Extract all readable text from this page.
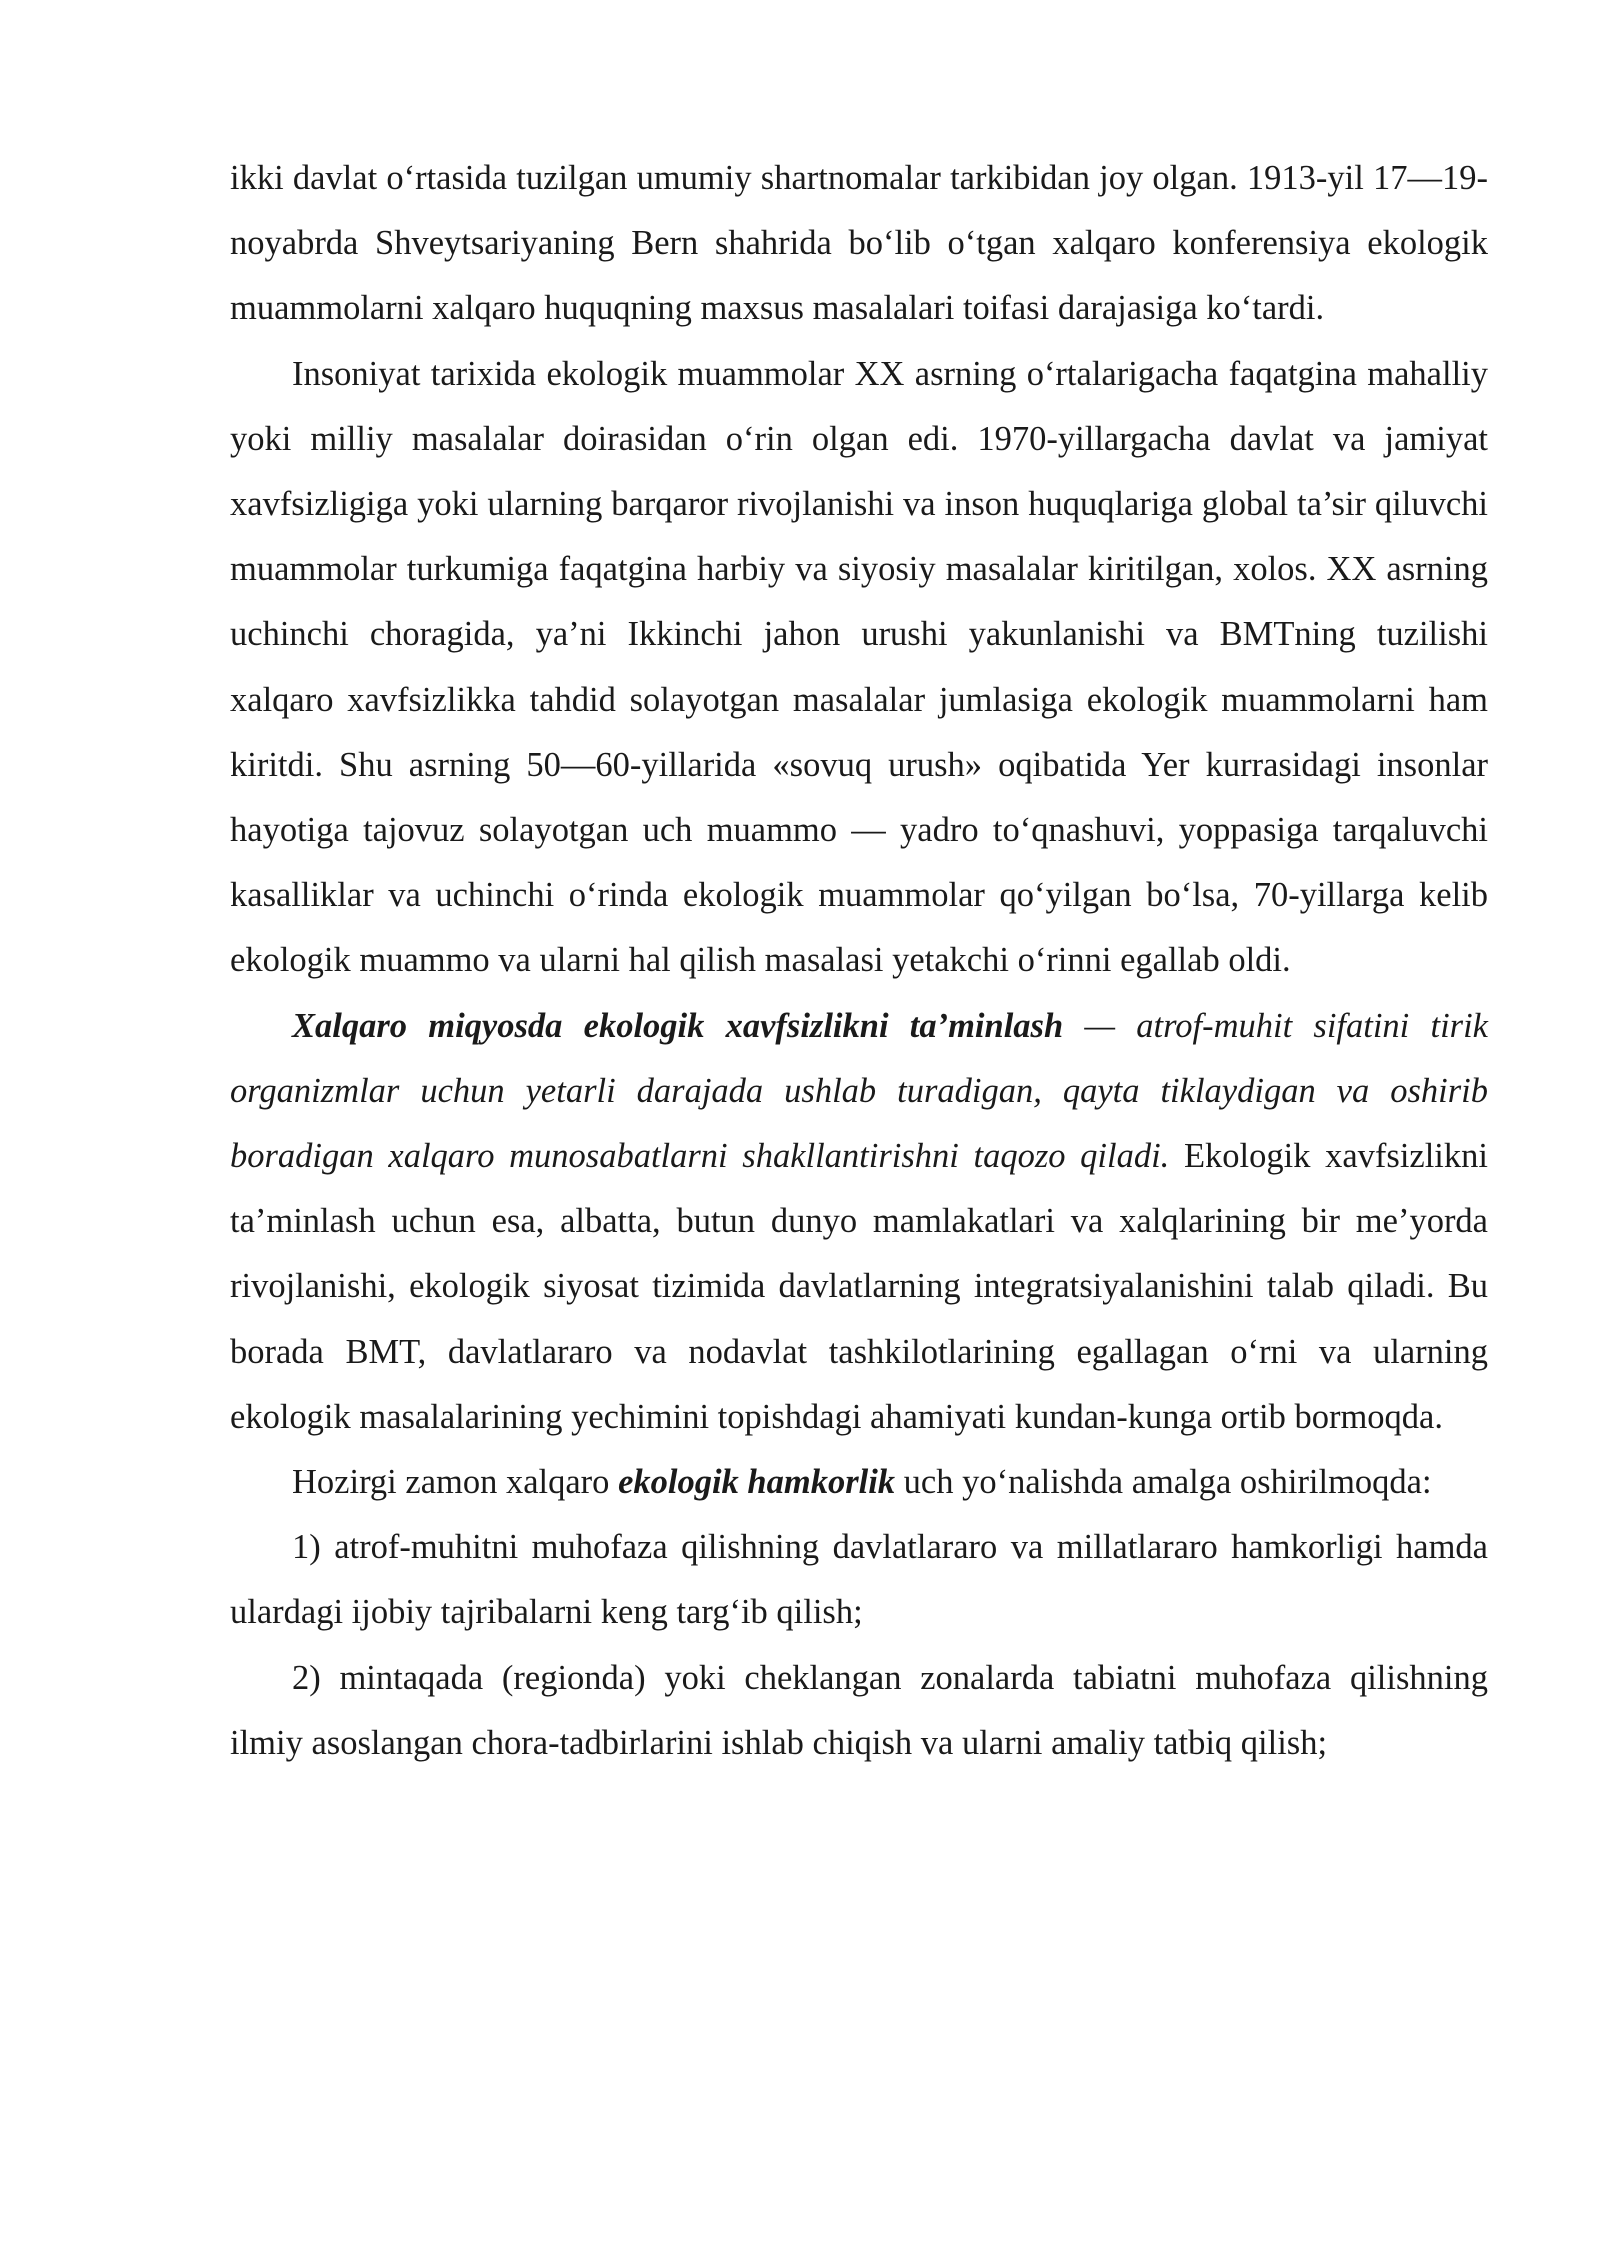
ikki davlat o‘rtasida tuzilgan umumiy shartnomalar tarkibidan joy olgan. 1913-yil 17—19-noyabrda Shveytsariyaning Bern shahrida bo‘lib o‘tgan xalqaro konferensiya ekologik muammolarni xalqaro huquqning maxsus masalalari toifasi darajasiga ko‘tardi.

Insoniyat tarixida ekologik muammolar XX asrning o‘rtalarigacha faqatgina mahalliy yoki milliy masalalar doirasidan o‘rin olgan edi. 1970-yillargacha davlat va jamiyat xavfsizligiga yoki ularning barqaror rivojlanishi va inson huquqlariga global ta’sir qiluvchi muammolar turkumiga faqatgina harbiy va siyosiy masalalar kiritilgan, xolos. XX asrning uchinchi choragida, ya’ni Ikkinchi jahon urushi yakunlanishi va BMTning tuzilishi xalqaro xavfsizlikka tahdid solayotgan masalalar jumlasiga ekologik muammolarni ham kiritdi. Shu asrning 50—60-yillarida «sovuq urush» oqibatida Yer kurrasidagi insonlar hayotiga tajovuz solayotgan uch muammo — yadro to‘qnashuvi, yoppasiga tarqaluvchi kasalliklar va uchinchi o‘rinda ekologik muammolar qo‘yilgan bo‘lsa, 70-yillarga kelib ekologik muammo va ularni hal qilish masalasi yetakchi o‘rinni egallab oldi.

Xalqaro miqyosda ekologik xavfsizlikni ta’minlash — atrof-muhit sifatini tirik organizmlar uchun yetarli darajada ushlab turadigan, qayta tiklaydigan va oshirib boradigan xalqaro munosabatlarni shakllantirishni taqozo qiladi. Ekologik xavfsizlikni ta’minlash uchun esa, albatta, butun dunyo mamlakatlari va xalqlarining bir me’yorda rivojlanishi, ekologik siyosat tizimida davlatlarning integratsiyalanishini talab qiladi. Bu borada BMT, davlatlararo va nodavlat tashkilotlarining egallagan o‘rni va ularning ekologik masalalarining yechimini topishdagi ahamiyati kundan-kunga ortib bormoqda.

Hozirgi zamon xalqaro ekologik hamkorlik uch yo‘nalishda amalga oshirilmoqda:

1) atrof-muhitni muhofaza qilishning davlatlararo va millatlararo hamkorligi hamda ulardagi ijobiy tajribalarni keng targ‘ib qilish;

2) mintaqada (regionda) yoki cheklangan zonalarda tabiatni muhofaza qilishning ilmiy asoslangan chora-tadbirlarini ishlab chiqish va ularni amaliy tatbiq qilish;
